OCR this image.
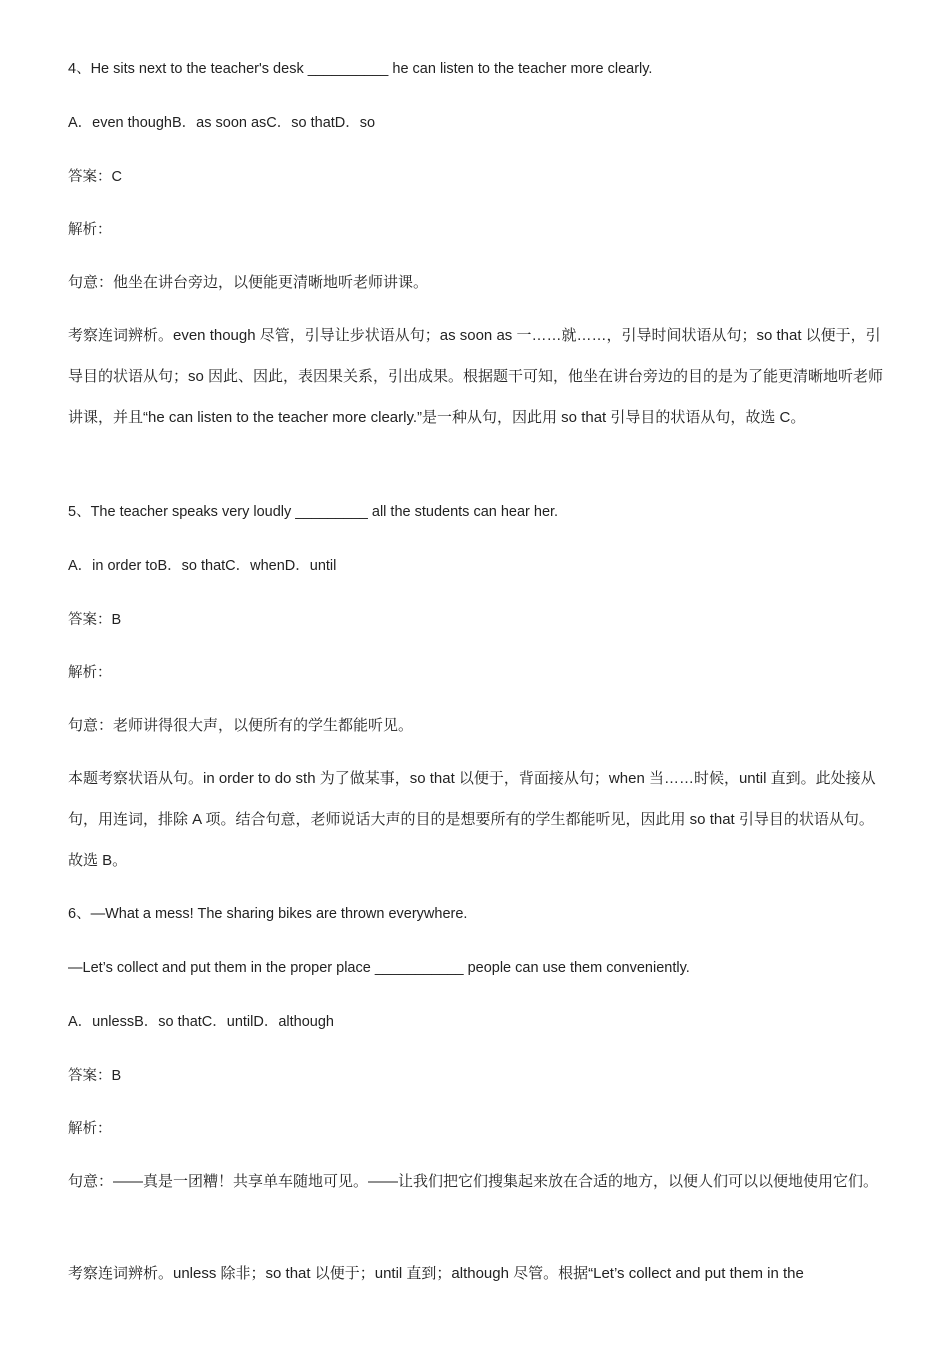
4、He sits next to the teacher's desk __________ he can listen to the teacher more clearly.

A．even thoughB．as soon asC．so thatD．so

答案：C

解析：

句意：他坐在讲台旁边，以便能更清晰地听老师讲课。

考察连词辨析。even though 尽管，引导让步状语从句；as soon as 一……就……，引导时间状语从句；so that 以便于，引导目的状语从句；so 因此、因此，表因果关系，引出成果。根据题干可知，他坐在讲台旁边的目的是为了能更清晰地听老师讲课，并且“he can listen to the teacher more clearly.”是一种从句，因此用 so that 引导目的状语从句，故选 C。

5、The teacher speaks very loudly _________ all the students can hear her.

A．in order toB．so thatC．whenD．until

答案：B

解析：

句意：老师讲得很大声，以便所有的学生都能听见。

本题考察状语从句。in order to do sth 为了做某事，so that 以便于，背面接从句；when 当……时候，until 直到。此处接从句，用连词，排除 A 项。结合句意，老师说话大声的目的是想要所有的学生都能听见，因此用 so that 引导目的状语从句。故选 B。

6、—What a mess! The sharing bikes are thrown everywhere.

—Let’s collect and put them in the proper place ___________ people can use them conveniently.

A．unlessB．so thatC．untilD．although

答案：B

解析：

句意：——真是一团糟！共享单车随地可见。——让我们把它们搜集起来放在合适的地方，以便人们可以以便地使用它们。

考察连词辨析。unless 除非；so that 以便于；until 直到；although 尽管。根据“Let’s collect and put them in the
